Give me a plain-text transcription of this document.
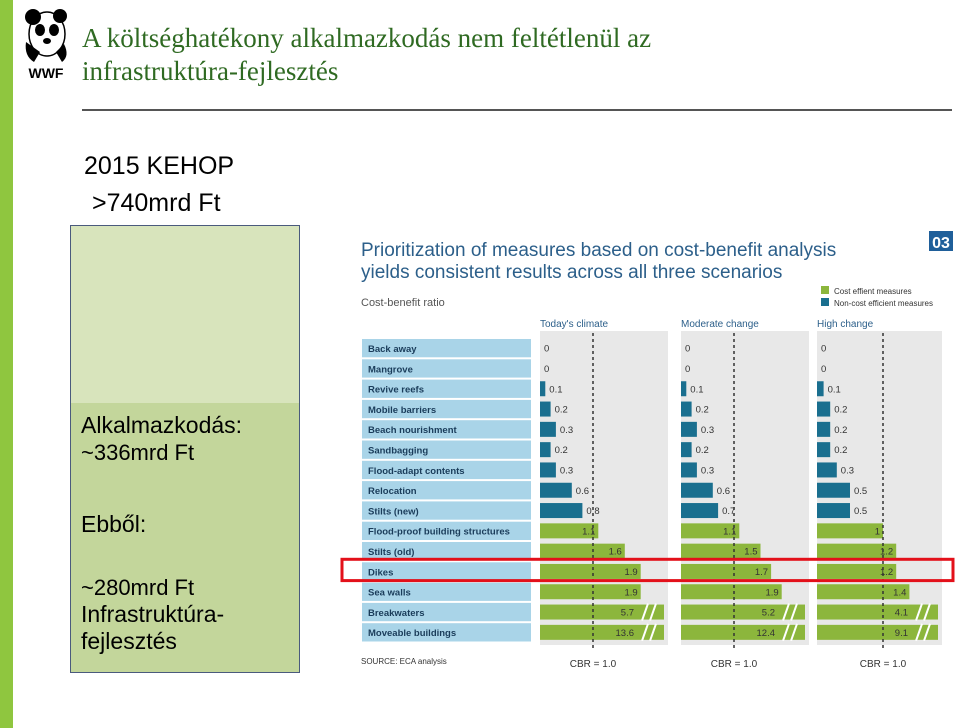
WWF
A költséghatékony alkalmazkodás nem feltétlenül az
infrastruktúra-fejlesztés
2015 KEHOP
>740mrd Ft
Alkalmazkodás:
~336mrd Ft
Ebből:
~280mrd Ft
Infrastruktúra-
fejlesztés
03
Prioritization of measures based on cost-benefit analysis
yields consistent results across all three scenarios
Cost-benefit ratio
Cost effient measures
Non-cost efficient measures
Back away
Mangrove
Revive reefs
Mobile barriers
Beach nourishment
Sandbagging
Flood-adapt contents
Relocation
Stilts (new)
Flood-proof building structures
Stilts (old)
Dikes
Sea walls
Breakwaters
Moveable buildings
Today's climate
0
0
0.1
0.2
0.3
0.2
0.3
0.6
0.8
1.1
1.6
1.9
1.9
5.7
13.6
CBR = 1.0
Moderate change
0
0
0.1
0.2
0.3
0.2
0.3
0.6
0.7
1.1
1.5
1.7
1.9
5.2
12.4
CBR = 1.0
High change
0
0
0.1
0.2
0.2
0.2
0.3
0.5
0.5
1
1.2
1.2
1.4
4.1
9.1
CBR = 1.0
SOURCE: ECA analysis
